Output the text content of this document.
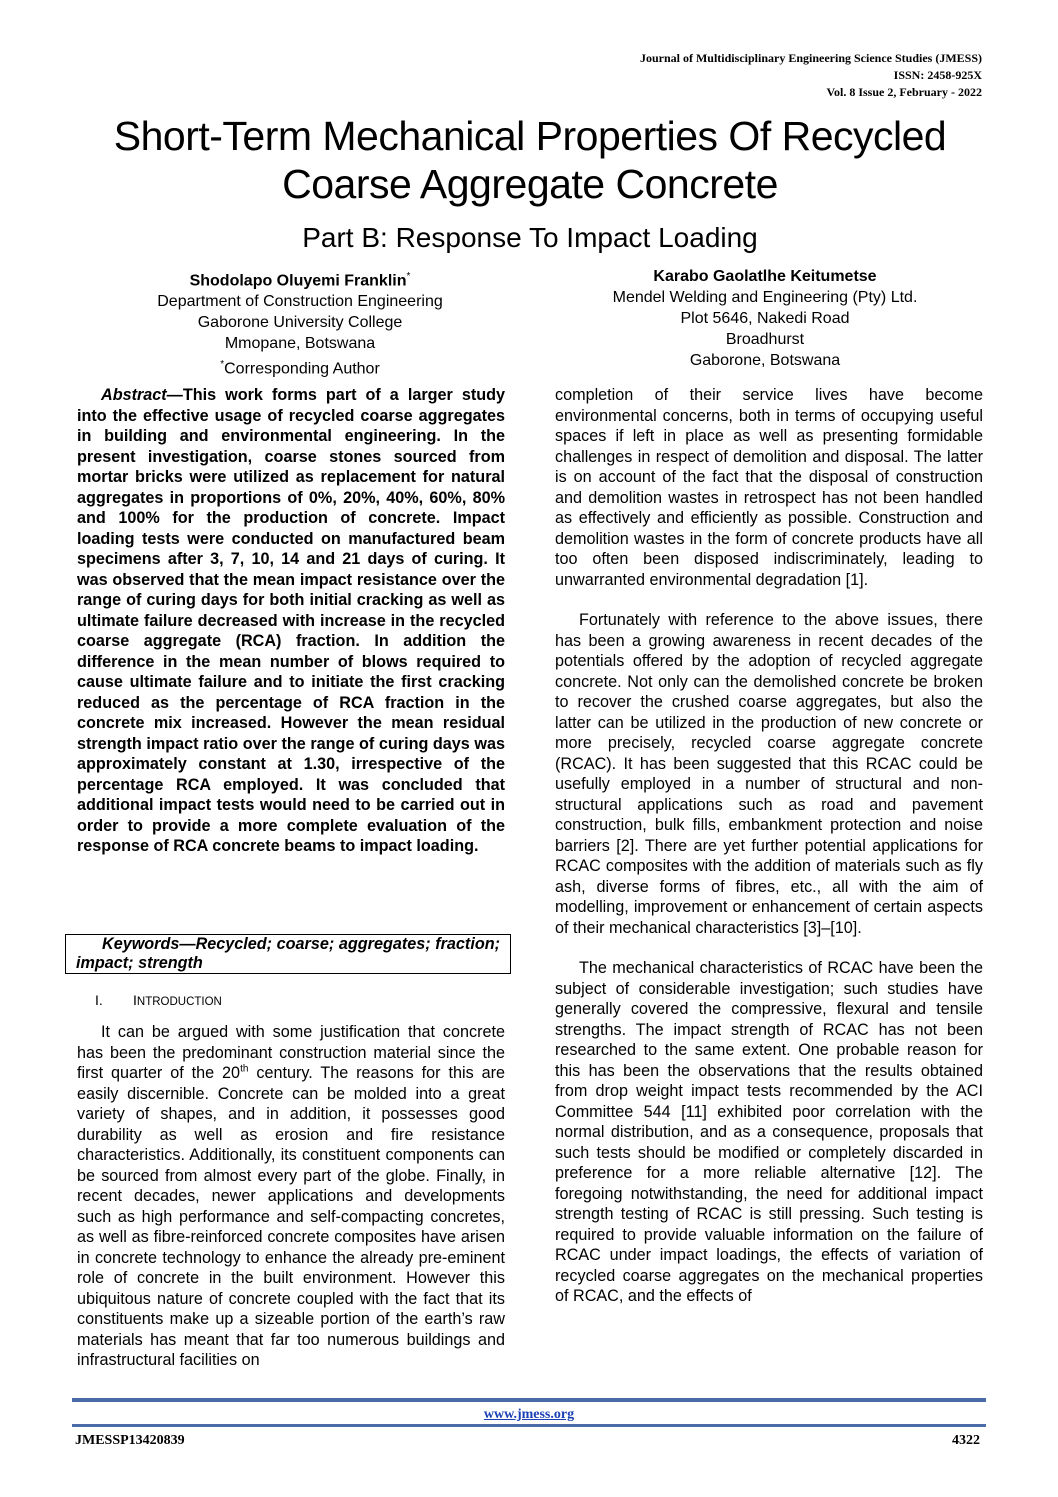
Journal of Multidisciplinary Engineering Science Studies (JMESS)
ISSN: 2458-925X
Vol. 8 Issue 2, February - 2022
Short-Term Mechanical Properties Of Recycled
Coarse Aggregate Concrete
Part B: Response To Impact Loading
Shodolapo Oluyemi Franklin*
Department of Construction Engineering
Gaborone University College
Mmopane, Botswana
*Corresponding Author
Karabo Gaolatlhe Keitumetse
Mendel Welding and Engineering (Pty) Ltd.
Plot 5646, Nakedi Road
Broadhurst
Gaborone, Botswana
Abstract—This work forms part of a larger study into the effective usage of recycled coarse aggregates in building and environmental engineering. In the present investigation, coarse stones sourced from mortar bricks were utilized as replacement for natural aggregates in proportions of 0%, 20%, 40%, 60%, 80% and 100% for the production of concrete. Impact loading tests were conducted on manufactured beam specimens after 3, 7, 10, 14 and 21 days of curing. It was observed that the mean impact resistance over the range of curing days for both initial cracking as well as ultimate failure decreased with increase in the recycled coarse aggregate (RCA) fraction. In addition the difference in the mean number of blows required to cause ultimate failure and to initiate the first cracking reduced as the percentage of RCA fraction in the concrete mix increased. However the mean residual strength impact ratio over the range of curing days was approximately constant at 1.30, irrespective of the percentage RCA employed. It was concluded that additional impact tests would need to be carried out in order to provide a more complete evaluation of the response of RCA concrete beams to impact loading.
Keywords—Recycled; coarse; aggregates; fraction; impact; strength
I. INTRODUCTION

It can be argued with some justification that concrete has been the predominant construction material since the first quarter of the 20th century. The reasons for this are easily discernible. Concrete can be molded into a great variety of shapes, and in addition, it possesses good durability as well as erosion and fire resistance characteristics. Additionally, its constituent components can be sourced from almost every part of the globe. Finally, in recent decades, newer applications and developments such as high performance and self-compacting concretes, as well as fibre-reinforced concrete composites have arisen in concrete technology to enhance the already pre-eminent role of concrete in the built environment. However this ubiquitous nature of concrete coupled with the fact that its constituents make up a sizeable portion of the earth’s raw materials has meant that far too numerous buildings and infrastructural facilities on

completion of their service lives have become environmental concerns, both in terms of occupying useful spaces if left in place as well as presenting formidable challenges in respect of demolition and disposal. The latter is on account of the fact that the disposal of construction and demolition wastes in retrospect has not been handled as effectively and efficiently as possible. Construction and demolition wastes in the form of concrete products have all too often been disposed indiscriminately, leading to unwarranted environmental degradation [1].

Fortunately with reference to the above issues, there has been a growing awareness in recent decades of the potentials offered by the adoption of recycled aggregate concrete. Not only can the demolished concrete be broken to recover the crushed coarse aggregates, but also the latter can be utilized in the production of new concrete or more precisely, recycled coarse aggregate concrete (RCAC). It has been suggested that this RCAC could be usefully employed in a number of structural and non-structural applications such as road and pavement construction, bulk fills, embankment protection and noise barriers [2]. There are yet further potential applications for RCAC composites with the addition of materials such as fly ash, diverse forms of fibres, etc., all with the aim of modelling, improvement or enhancement of certain aspects of their mechanical characteristics [3]–[10].

The mechanical characteristics of RCAC have been the subject of considerable investigation; such studies have generally covered the compressive, flexural and tensile strengths. The impact strength of RCAC has not been researched to the same extent. One probable reason for this has been the observations that the results obtained from drop weight impact tests recommended by the ACI Committee 544 [11] exhibited poor correlation with the normal distribution, and as a consequence, proposals that such tests should be modified or completely discarded in preference for a more reliable alternative [12]. The foregoing notwithstanding, the need for additional impact strength testing of RCAC is still pressing. Such testing is required to provide valuable information on the failure of RCAC under impact loadings, the effects of variation of recycled coarse aggregates on the mechanical properties of RCAC, and the effects of

www.jmess.org
JMESSP13420839	4322
